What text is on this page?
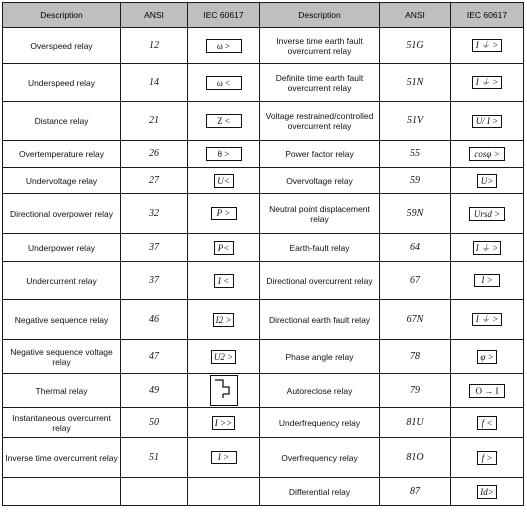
Description	ANSI	IEC 60617	Description	ANSI	IEC 60617
Overspeed relay	12	ω >	Inverse time earth fault overcurrent relay	51G	I ⏚ >
Underspeed relay	14	ω <	Definite time earth fault overcurrent relay	51N	I ⏚ >
Distance relay	21	Z <	Voltage restrained/controlled overcurrent relay	51V	U/ I >
Overtemperature relay	26	θ >	Power factor relay	55	cosφ >
Undervoltage relay	27	U<	Overvoltage relay	59	U>
Directional overpower relay	32	P >	Neutral point displacement relay	59N	Ursd >
Underpower relay	37	P<	Earth-fault relay	64	I ⏚ >
Undercurrent relay	37	I <	Directional overcurrent relay	67	I >
Negative sequence relay	46	I2 >	Directional earth fault relay	67N	I ⏚ >
Negative sequence voltage relay	47	U2 >	Phase angle relay	78	φ >
Thermal relay	49		Autoreclose relay	79	O → I
Instantaneous overcurrent relay	50	I >>	Underfrequency relay	81U	f <
Inverse time overcurrent relay	51	I >	Overfrequency relay	81O	f >
			Differential relay	87	Id>
